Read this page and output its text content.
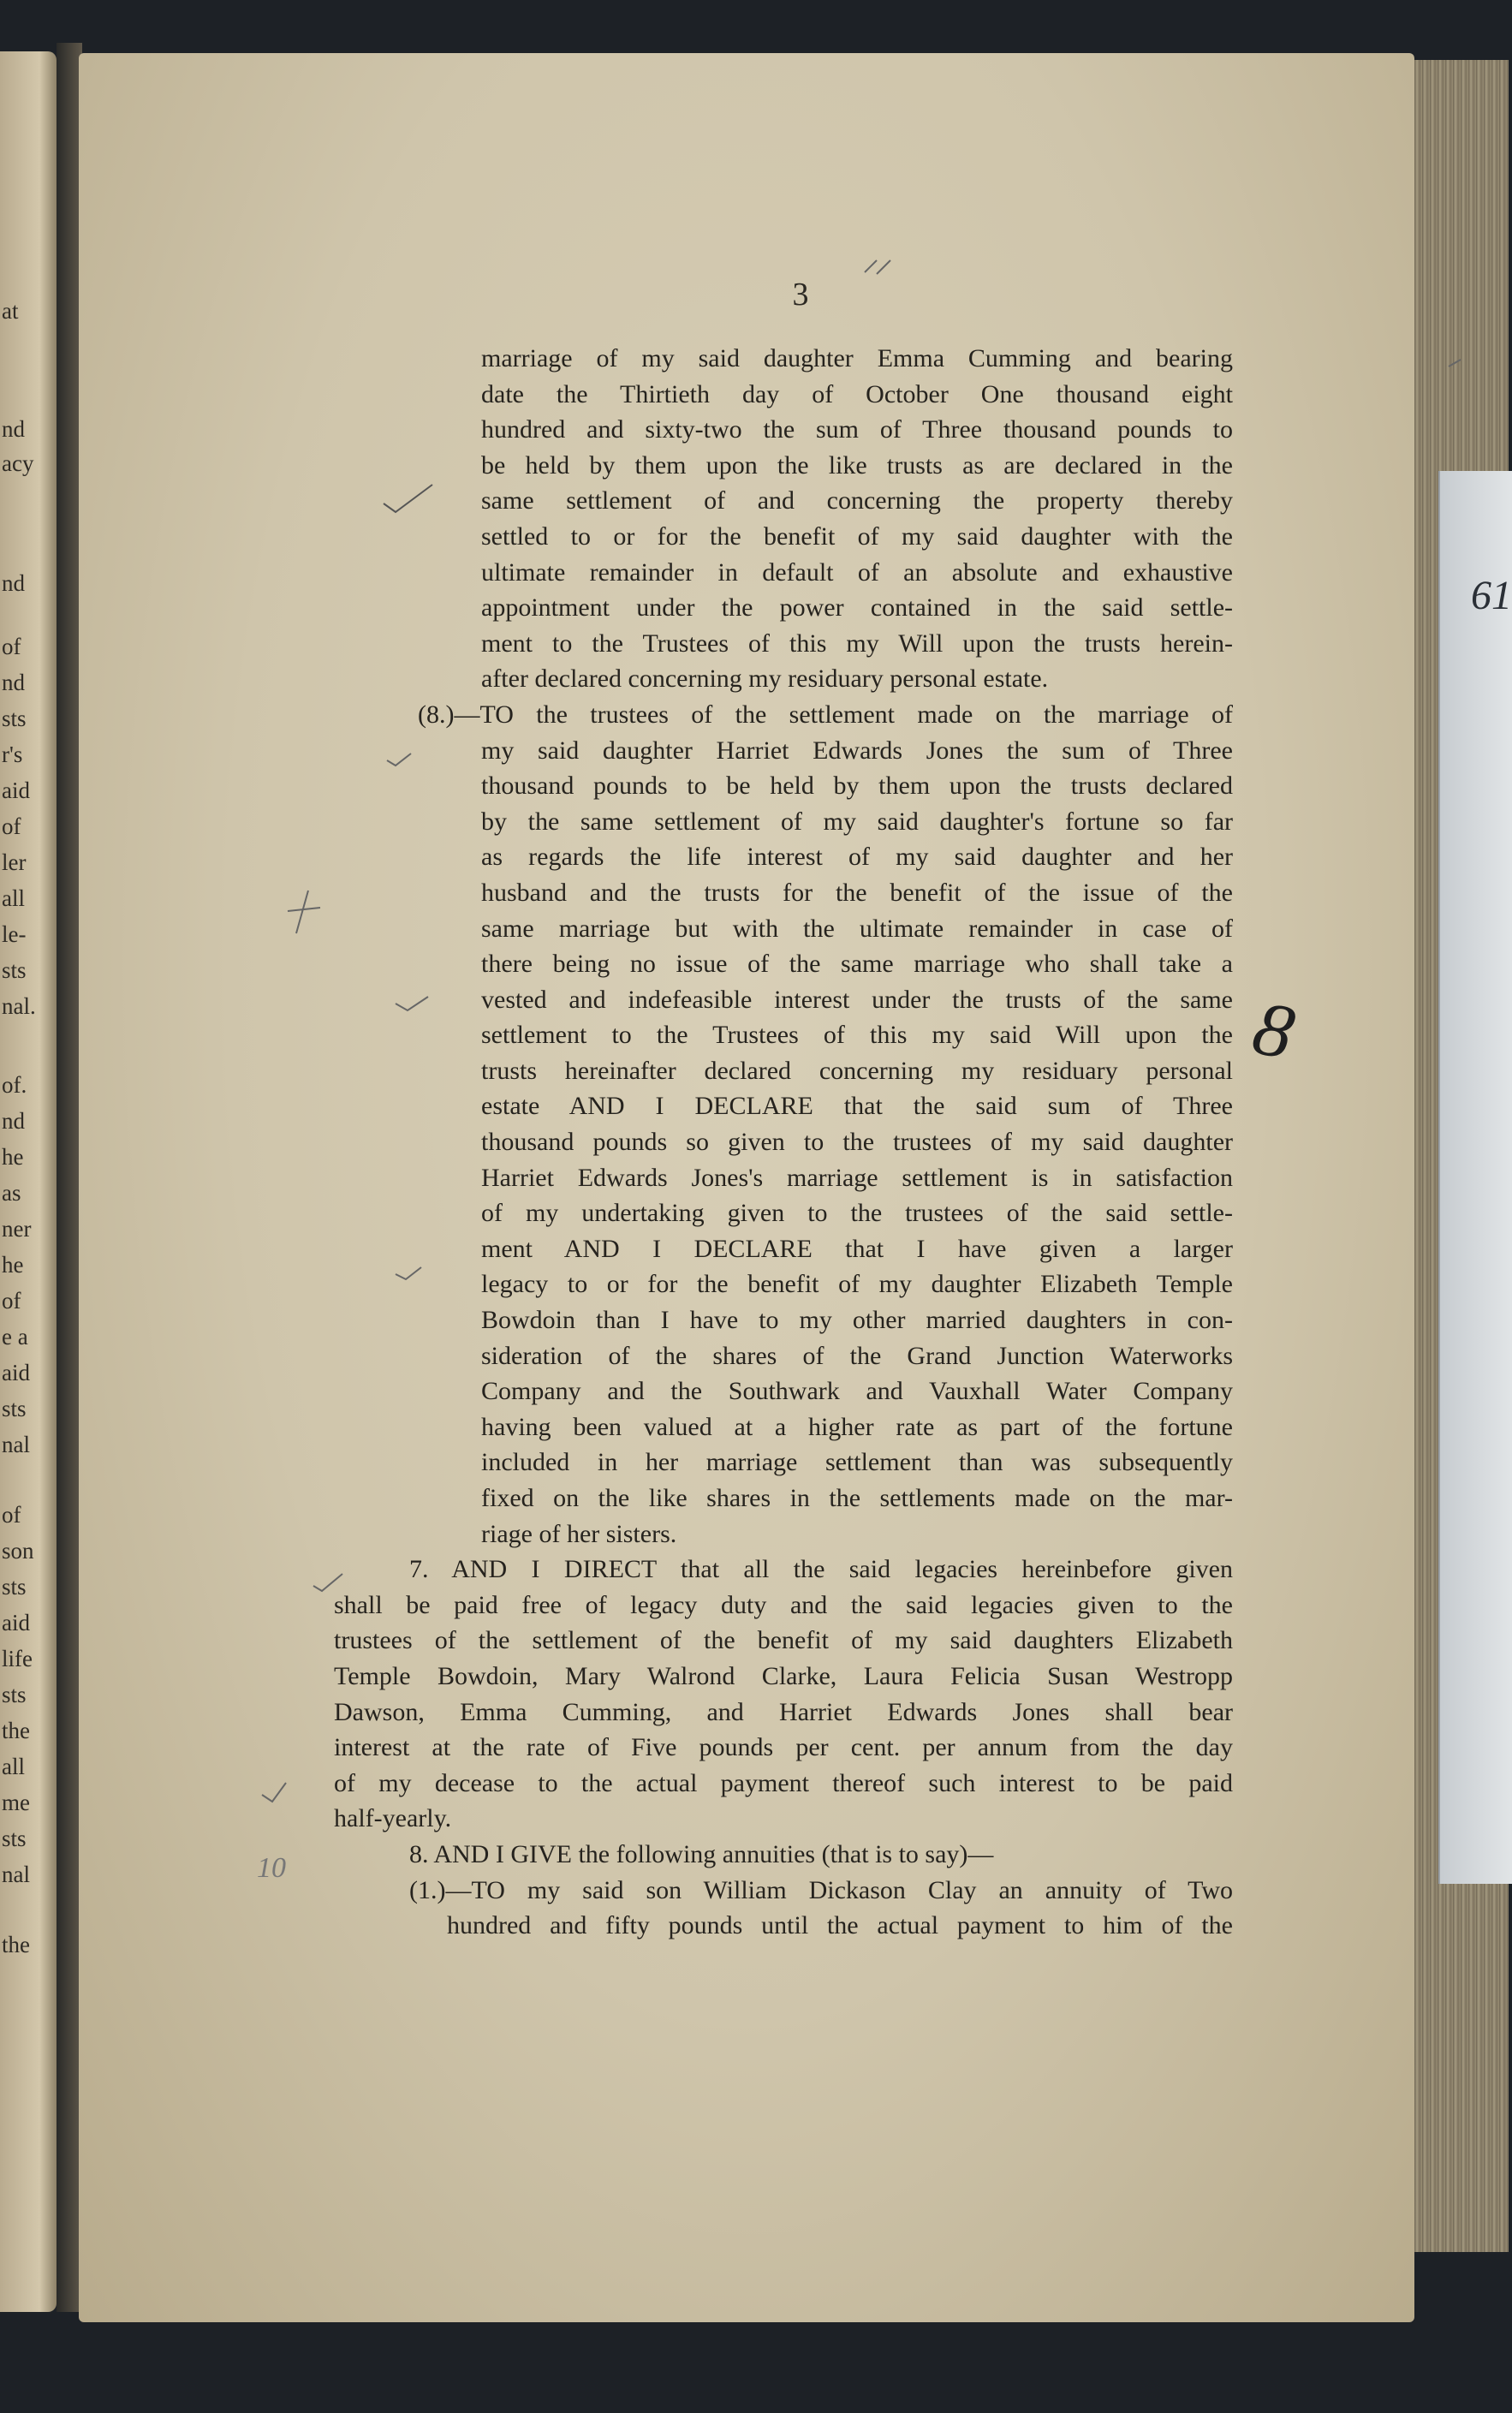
at
nd
acy
nd
of
nd
sts
r's
aid
of
ler
all
le-
sts
nal.
of.
nd
he
as
ner
he
of
e a
aid
sts
nal
of
son
sts
aid
life
sts
the
all
me
sts
nal
the
61
3
marriage of my said daughter Emma Cumming and bearing
date the Thirtieth day of October One thousand eight
hundred and sixty-two the sum of Three thousand pounds to
be held by them upon the like trusts as are declared in the
same settlement of and concerning the property thereby
settled to or for the benefit of my said daughter with the
ultimate remainder in default of an absolute and exhaustive
appointment under the power contained in the said settle-
ment to the Trustees of this my Will upon the trusts herein-
after declared concerning my residuary personal estate.
(8.)—TO the trustees of the settlement made on the marriage of
my said daughter Harriet Edwards Jones the sum of Three
thousand pounds to be held by them upon the trusts declared
by the same settlement of my said daughter's fortune so far
as regards the life interest of my said daughter and her
husband and the trusts for the benefit of the issue of the
same marriage but with the ultimate remainder in case of
there being no issue of the same marriage who shall take a
vested and indefeasible interest under the trusts of the same
settlement to the Trustees of this my said Will upon the
trusts hereinafter declared concerning my residuary personal
estate AND I DECLARE that the said sum of Three
thousand pounds so given to the trustees of my said daughter
Harriet Edwards Jones's marriage settlement is in satisfaction
of my undertaking given to the trustees of the said settle-
ment AND I DECLARE that I have given a larger
legacy to or for the benefit of my daughter Elizabeth Temple
Bowdoin than I have to my other married daughters in con-
sideration of the shares of the Grand Junction Waterworks
Company and the Southwark and Vauxhall Water Company
having been valued at a higher rate as part of the fortune
included in her marriage settlement than was subsequently
fixed on the like shares in the settlements made on the mar-
riage of her sisters.
7. AND I DIRECT that all the said legacies hereinbefore given
shall be paid free of legacy duty and the said legacies given to the
trustees of the settlement of the benefit of my said daughters Elizabeth
Temple Bowdoin, Mary Walrond Clarke, Laura Felicia Susan Westropp
Dawson, Emma Cumming, and Harriet Edwards Jones shall bear
interest at the rate of Five pounds per cent. per annum from the day
of my decease to the actual payment thereof such interest to be paid
half-yearly.
8. AND I GIVE the following annuities (that is to say)—
(1.)—TO my said son William Dickason Clay an annuity of Two
hundred and fifty pounds until the actual payment to him of the
8
10
